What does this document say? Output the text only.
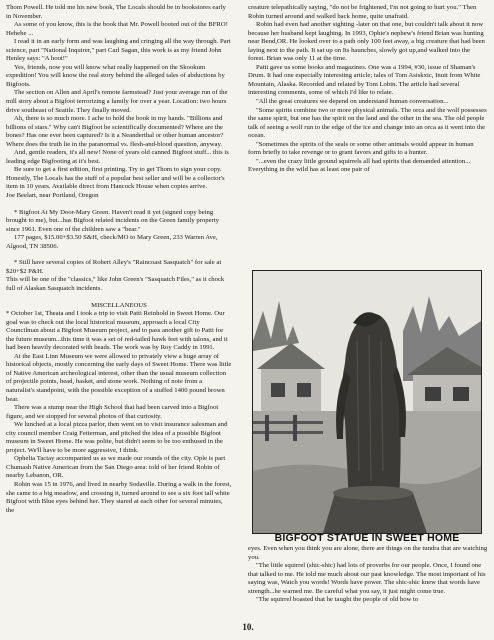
Thom Powell. He told me his new book, The Locals should be in bookstores early in November.

As some of you know, this is the book that Mr. Powell booted out of the BFRO! Hehehe ...

I read it in an early form and was laughing and cringing all the way through. Part science, part "National Inquirer," part Carl Sagan, this work is as my friend John Henley says: "A hoot!"

Yes, friends, now you will know what really happened on the Skookum expedition! You will know the real story behind the alleged tales of abductions by Bigfoots.

The section on Allen and April's remote farmstead? Just your average run of the mill story about a Bigfoot terrorizing a family for over a year. Location: two hours drive southeast of Seattle. They finally moved.

Ah, there is so much more. I ache to hold the book in my hands. "Billions and billions of stars." Why can't Bigfoot be scientifically documented? Where are the bones? Has one ever been captured? Is it a Neanderthal or other human ancestor? Where does the truth lie in the paranormal vs. flesh-and-blood question, anyway.

And, gentle readers, it's all new! None of years old canned Bigfoot stuff... this is leading edge Bigfooting at it's best.

Be sure to get a first edition, first printing. Try to get Thom to sign your copy. Honestly, The Locals has the stuff of a popular best seller and will be a collector's item in 10 years. Available direct from Hancock House when copies arrive.

Joe Beelart, near Portland, Oregon

* Bigfoot At My Door-Mary Green. Haven't read it yet (signed copy being brought to me), but...has Bigfoot related incidents on the Green family property since 1961. Even one of the children saw a "bear."

177 pages, $15.00+$3.50 S&H, check/MO to Mary Green, 233 Warren Ave, Algood, TN 38506.

* Still have several copies of Robert Alley's "Raincoast Sasquatch" for sale at $20+$2 P&H.

This will be one of the "classics," like John Green's "Sasquatch Files," as it chock full of Alaskan Sasquatch incidents.

MISCELLANEOUS

* October 1st, Theata and I took a trip to visit Patti Reinhold in Sweet Home. Our goal was to check out the local historical museum, approach a local City Councilman about a Bigfoot Museum project, and to pass another gift to Patti for the future museum...this time it was a set of red-tailed hawk feet with talons, and it had been heavily decorated with beads. The work was by Roy Caddy in 1991.

At the East Linn Museum we were allowed to privately view a huge array of historical objects, mostly concerning the early days of Sweet Home. There was little of Native American archeological interest, other than the usual museum collection of projectile points, bead, basket, and stone work. Nothing of note from a naturalist's standpoint, with the possible exception of a stuffed 1400 pound brown bear.

There was a stump near the High School that had been carved into a Bigfoot figure, and we stopped for several photos of that curiosity.

We lunched at a local pizza parlor, then went on to visit insurance salesman and city council member Craig Fetterman, and pitched the idea of a possible Bigfoot museum in Sweet Home. He was polite, but didn't seem to be too enthused in the project. We'll have to be more aggressive, I think.

Ophelia Tactay accompanied us as we made our rounds of the city. Ople is part Chumash Native American from the San Diego area: told of her friend Robin of nearby Lebanon, OR.

Robin was 15 in 1976, and lived in nearby Sodaville. During a walk in the forest, she came to a big meadow, and crossing it, turned around to see a six foot tall white Bigfoot with Blue eyes behind her. They stared at each other for several minutes, the

creature telepathically saying, "do not be frightened, I'm not going to hurt you." Then Robin turned around and walked back home, quite unafraid.

Robin had even had another sighting -later on that one, but couldn't talk about it now because her husband kept laughing. In 1993, Ophie's nephew's friend Brian was hunting near Bend,OR. He looked over to a path only 100 feet away, a big creature that had been laying next to the path. It sat up on Its haunches, slowly got up,and walked into the forest. Brian was only 11 at the time.

Patti gave us some books and magazines. One was a 1994, #30, issue of Shaman's Drum. It had one especially interesting article; tales of Tom Asiskxic, Inuit from White Mountain, Alaska. Recorded and related by Tom Lobin. The article had several interesting comments, some of which I'd like to relate.

"All the great creatures we depend on understand human conversation...

"Some spirits combine two or more physical animals. The orca and the wolf possesses the same spirit, but one has the spirit on the land and the other in the sea. The old people talk of seeing a wolf run to the edge of the ice and change into an orca as it went into the ocean.

"Sometimes the spirits of the seals or some other animals would appear in human form briefly to take revenge or to grant favors and gifts to a hunter.

"...even the crazy little ground squirrels all had spirits that demanded attention... Everything in the wild has at least one pair of

BIGFOOT STATUE IN SWEET HOME

eyes. Even when you think you are alone, there are things on the tundra that are watching you.

"The little squirrel (shic-shic) had lots of proverbs for our people. Once, I found one that talked to me. He told me much about our past knowledge. The most important of his saying was, Watch you words! Words have power. The shic-shic knew that words have strength...he warned me. Be careful what you say, it just might come true.

"The squirrel boasted that he taught the people of old how to

10.
